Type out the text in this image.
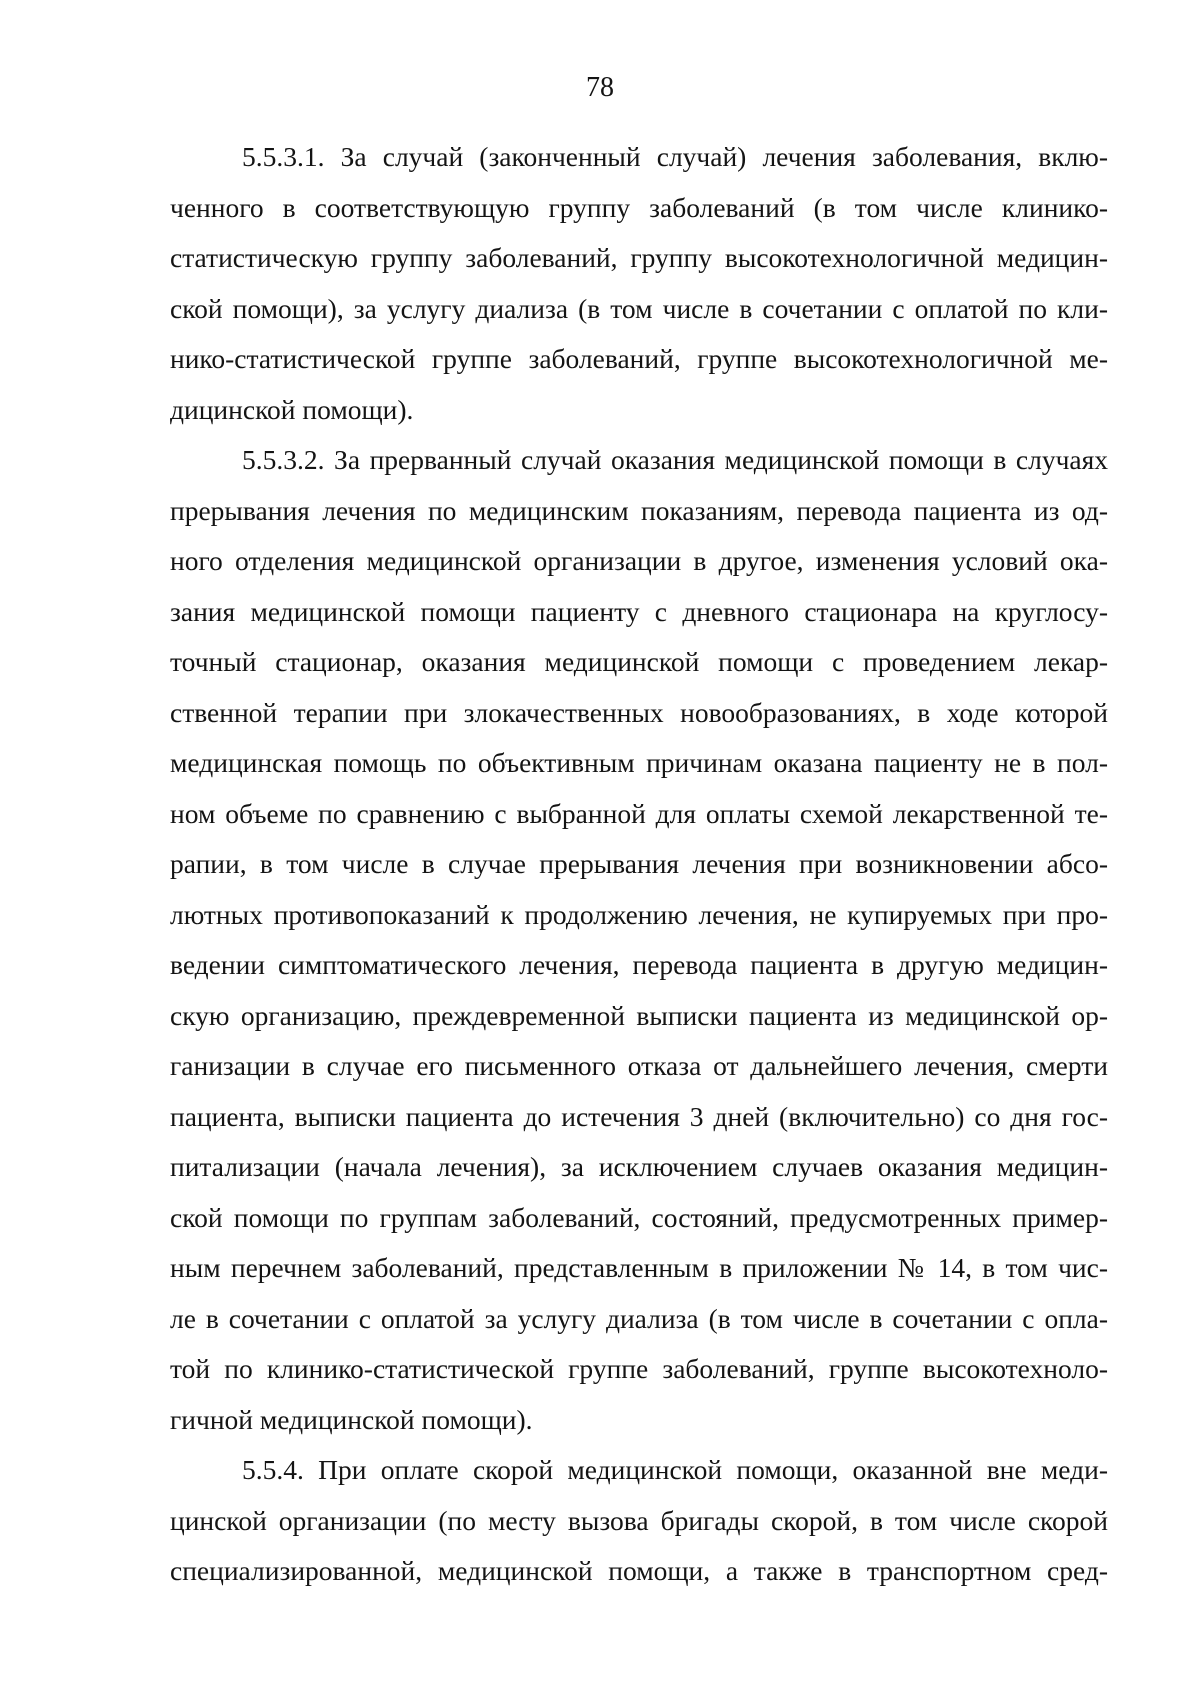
78
5.5.3.1. За случай (законченный случай) лечения заболевания, вклю-
ченного в соответствующую группу заболеваний (в том числе клинико-
статистическую группу заболеваний, группу высокотехнологичной медицин-
ской помощи), за услугу диализа (в том числе в сочетании с оплатой по кли-
нико-статистической группе заболеваний, группе высокотехнологичной ме-
дицинской помощи).
5.5.3.2. За прерванный случай оказания медицинской помощи в случаях
прерывания лечения по медицинским показаниям, перевода пациента из од-
ного отделения медицинской организации в другое, изменения условий ока-
зания медицинской помощи пациенту с дневного стационара на круглосу-
точный стационар, оказания медицинской помощи с проведением лекар-
ственной терапии при злокачественных новообразованиях, в ходе которой
медицинская помощь по объективным причинам оказана пациенту не в пол-
ном объеме по сравнению с выбранной для оплаты схемой лекарственной те-
рапии, в том числе в случае прерывания лечения при возникновении абсо-
лютных противопоказаний к продолжению лечения, не купируемых при про-
ведении симптоматического лечения, перевода пациента в другую медицин-
скую организацию, преждевременной выписки пациента из медицинской ор-
ганизации в случае его письменного отказа от дальнейшего лечения, смерти
пациента, выписки пациента до истечения 3 дней (включительно) со дня гос-
питализации (начала лечения), за исключением случаев оказания медицин-
ской помощи по группам заболеваний, состояний, предусмотренных пример-
ным перечнем заболеваний, представленным в приложении № 14, в том чис-
ле в сочетании с оплатой за услугу диализа (в том числе в сочетании с опла-
той по клинико-статистической группе заболеваний, группе высокотехноло-
гичной медицинской помощи).
5.5.4. При оплате скорой медицинской помощи, оказанной вне меди-
цинской организации (по месту вызова бригады скорой, в том числе скорой
специализированной, медицинской помощи, а также в транспортном сред-
